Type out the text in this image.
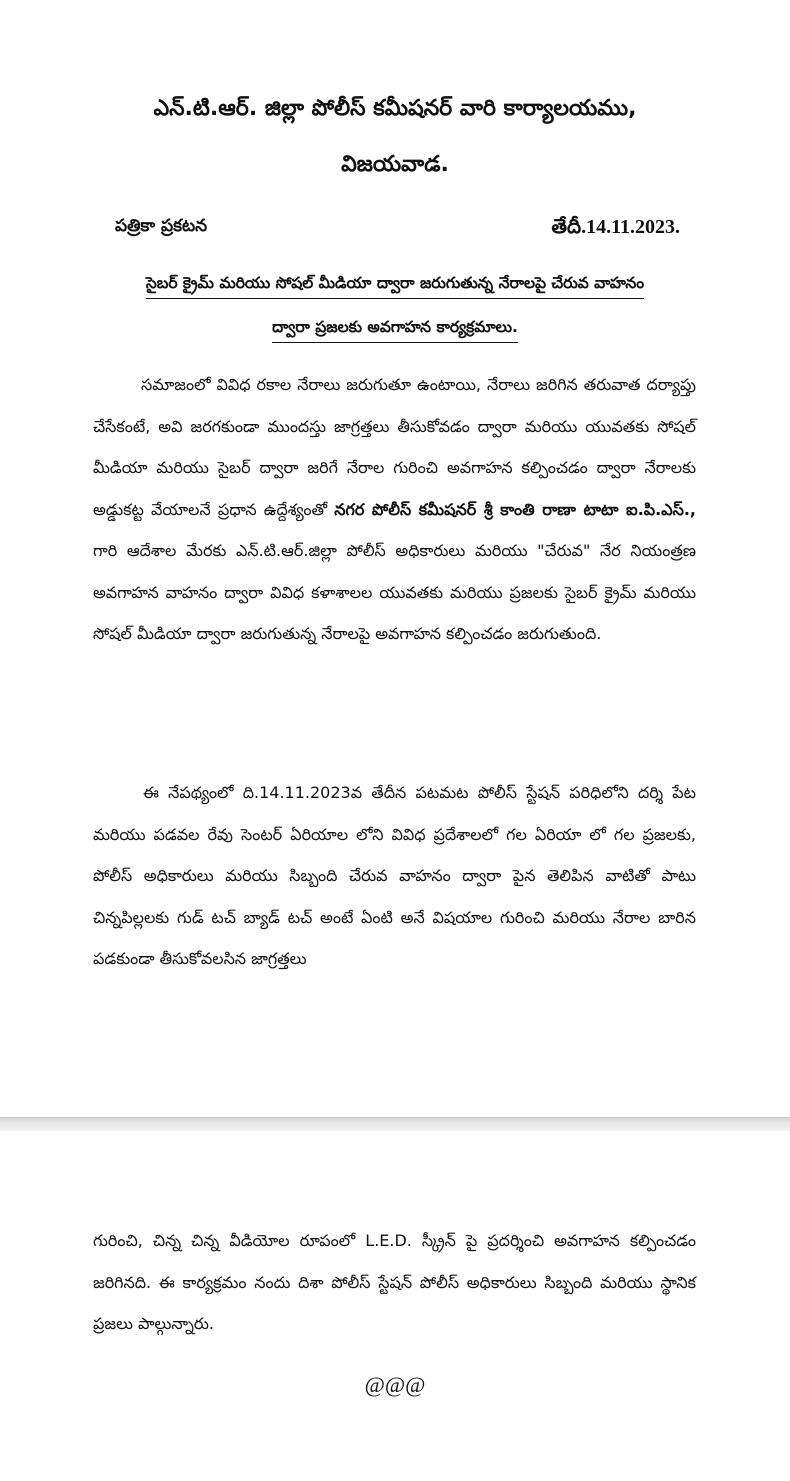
ఎన్.టి.ఆర్. జిల్లా పోలీస్ కమీషనర్ వారి కార్యాలయము,
విజయవాడ.
పత్రికా ప్రకటన	తేదీ.14.11.2023.
సైబర్ క్రైమ్ మరియు సోషల్ మీడియా ద్వారా జరుగుతున్న నేరాలపై చేరువ వాహనం
ద్వారా ప్రజలకు అవగాహన కార్యక్రమాలు.

సమాజంలో వివిధ రకాల నేరాలు జరుగుతూ ఉంటాయి, నేరాలు జరిగిన తరువాత దర్యాప్తు చేసేకంటే, అవి జరగకుండా ముందస్తు జాగ్రత్తలు తీసుకోవడం ద్వారా మరియు యువతకు సోషల్ మీడియా మరియు సైబర్ ద్వారా జరిగే నేరాల గురించి అవగాహన కల్పించడం ద్వారా నేరాలకు అడ్డుకట్ట వేయాలనే ప్రధాన ఉద్దేశ్యంతో నగర పోలీస్ కమీషనర్ శ్రీ కాంతి రాణా టాటా ఐ.పి.ఎస్., గారి ఆదేశాల మేరకు ఎన్.టి.ఆర్.జిల్లా పోలీస్ అధికారులు మరియు "చేరువ" నేర నియంత్రణ అవగాహన వాహనం ద్వారా వివిధ కళాశాలల యువతకు మరియు ప్రజలకు సైబర్ క్రైమ్ మరియు సోషల్ మీడియా ద్వారా జరుగుతున్న నేరాలపై అవగాహన కల్పించడం జరుగుతుంది.

ఈ నేపథ్యంలో ది.14.11.2023వ తేదీన పటమట పోలీస్ స్టేషన్ పరిధిలోని దర్శి పేట మరియు పడవల రేవు సెంటర్ ఏరియాల లోని వివిధ ప్రదేశాలలో గల ఏరియా లో గల ప్రజలకు, పోలీస్ అధికారులు మరియు సిబ్బంది చేరువ వాహనం ద్వారా పైన తెలిపిన వాటితో పాటు చిన్నపిల్లలకు గుడ్ టచ్ బ్యాడ్ టచ్ అంటే ఏంటి అనే విషయాల గురించి మరియు నేరాల బారిన పడకుండా తీసుకోవలసిన జాగ్రత్తలు

గురించి, చిన్న చిన్న వీడియోల రూపంలో L.E.D. స్క్రీన్ పై ప్రదర్శించి అవగాహన కల్పించడం జరిగినది. ఈ కార్యక్రమం నందు దిశా పోలీస్ స్టేషన్ పోలీస్ అధికారులు సిబ్బంది మరియు స్థానిక ప్రజలు పాల్గున్నారు.

@@@
